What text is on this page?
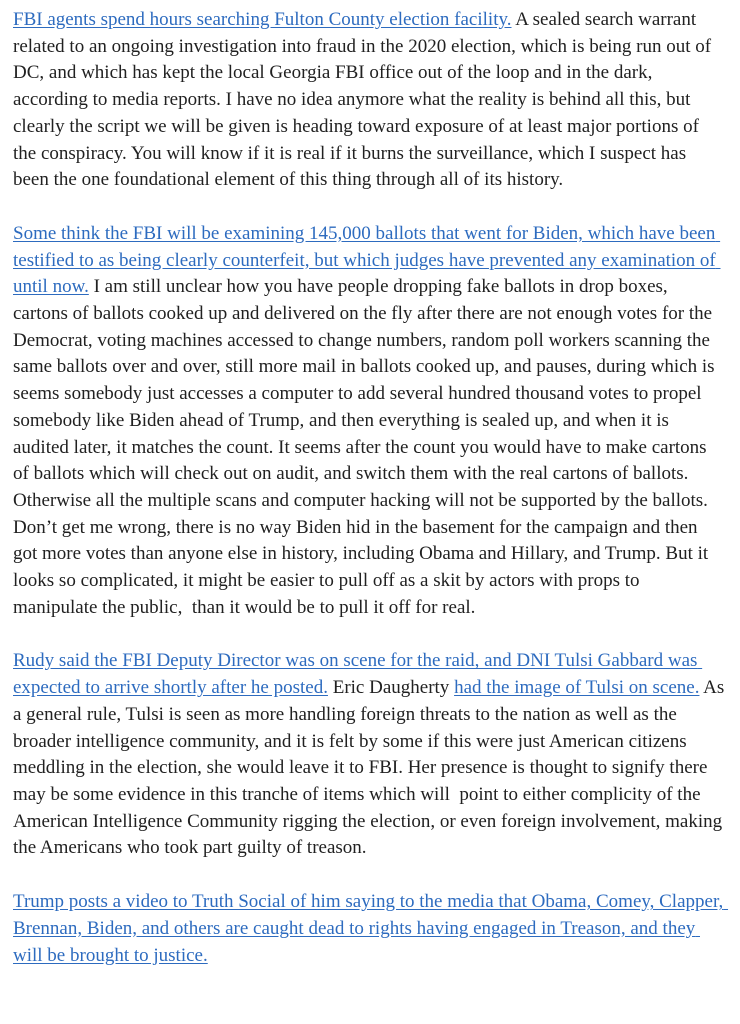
FBI agents spend hours searching Fulton County election facility. A sealed search warrant related to an ongoing investigation into fraud in the 2020 election, which is being run out of DC, and which has kept the local Georgia FBI office out of the loop and in the dark, according to media reports. I have no idea anymore what the reality is behind all this, but clearly the script we will be given is heading toward exposure of at least major portions of the conspiracy. You will know if it is real if it burns the surveillance, which I suspect has been the one foundational element of this thing through all of its history.

Some think the FBI will be examining 145,000 ballots that went for Biden, which have been testified to as being clearly counterfeit, but which judges have prevented any examination of until now. I am still unclear how you have people dropping fake ballots in drop boxes, cartons of ballots cooked up and delivered on the fly after there are not enough votes for the Democrat, voting machines accessed to change numbers, random poll workers scanning the same ballots over and over, still more mail in ballots cooked up, and pauses, during which is seems somebody just accesses a computer to add several hundred thousand votes to propel somebody like Biden ahead of Trump, and then everything is sealed up, and when it is audited later, it matches the count. It seems after the count you would have to make cartons of ballots which will check out on audit, and switch them with the real cartons of ballots. Otherwise all the multiple scans and computer hacking will not be supported by the ballots. Don’t get me wrong, there is no way Biden hid in the basement for the campaign and then got more votes than anyone else in history, including Obama and Hillary, and Trump. But it looks so complicated, it might be easier to pull off as a skit by actors with props to manipulate the public,  than it would be to pull it off for real.

Rudy said the FBI Deputy Director was on scene for the raid, and DNI Tulsi Gabbard was expected to arrive shortly after he posted. Eric Daugherty had the image of Tulsi on scene. As a general rule, Tulsi is seen as more handling foreign threats to the nation as well as the broader intelligence community, and it is felt by some if this were just American citizens meddling in the election, she would leave it to FBI. Her presence is thought to signify there may be some evidence in this tranche of items which will  point to either complicity of the American Intelligence Community rigging the election, or even foreign involvement, making the Americans who took part guilty of treason.

Trump posts a video to Truth Social of him saying to the media that Obama, Comey, Clapper, Brennan, Biden, and others are caught dead to rights having engaged in Treason, and they will be brought to justice.
